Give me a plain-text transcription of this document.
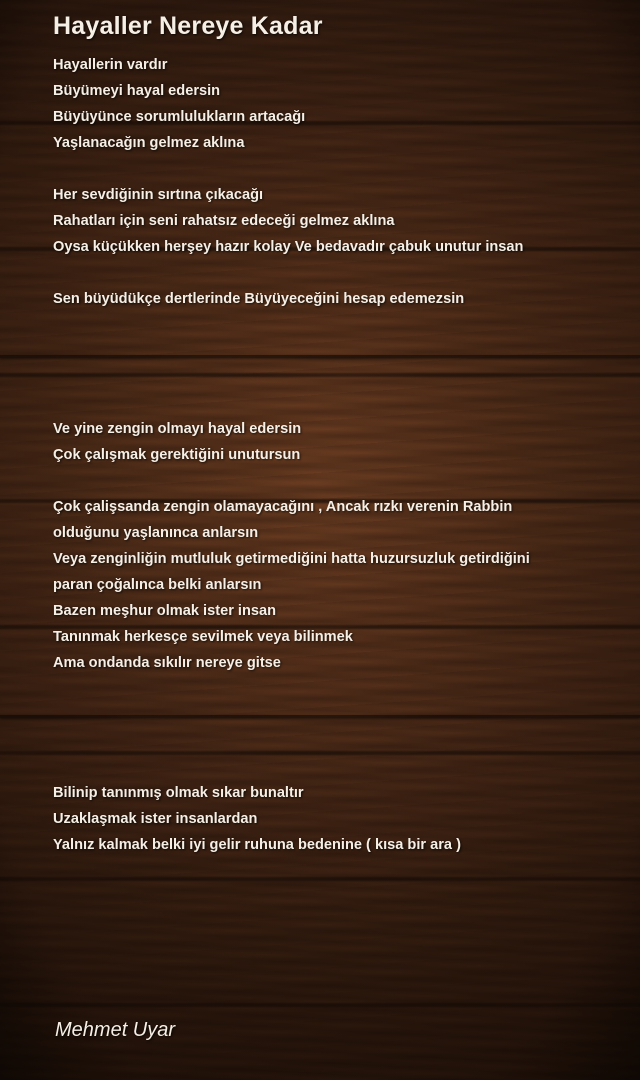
Hayaller Nereye Kadar
Hayallerin vardır
Büyümeyi hayal edersin
Büyüyünce sorumlulukların artacağı
Yaşlanacağın gelmez aklına
Her sevdiğinin sırtına çıkacağı
Rahatları için seni rahatsız edeceği gelmez aklına
Oysa küçükken herşey hazır kolay Ve bedavadır çabuk unutur insan
Sen büyüdükçe dertlerinde Büyüyeceğini hesap edemezsin
Ve yine zengin olmayı hayal edersin
Çok çalışmak gerektiğini unutursun
Çok çalişsanda zengin olamayacağını , Ancak rızkı verenin Rabbin
olduğunu yaşlanınca anlarsın
Veya zenginliğin mutluluk getirmediğini hatta huzursuzluk getirdiğini
paran çoğalınca belki anlarsın
Bazen meşhur olmak ister insan
Tanınmak herkesçe sevilmek veya bilinmek
Ama ondanda sıkılır nereye gitse
Bilinip tanınmış olmak sıkar bunaltır
Uzaklaşmak ister insanlardan
Yalnız kalmak belki iyi gelir ruhuna bedenine ( kısa bir ara )
Mehmet Uyar
